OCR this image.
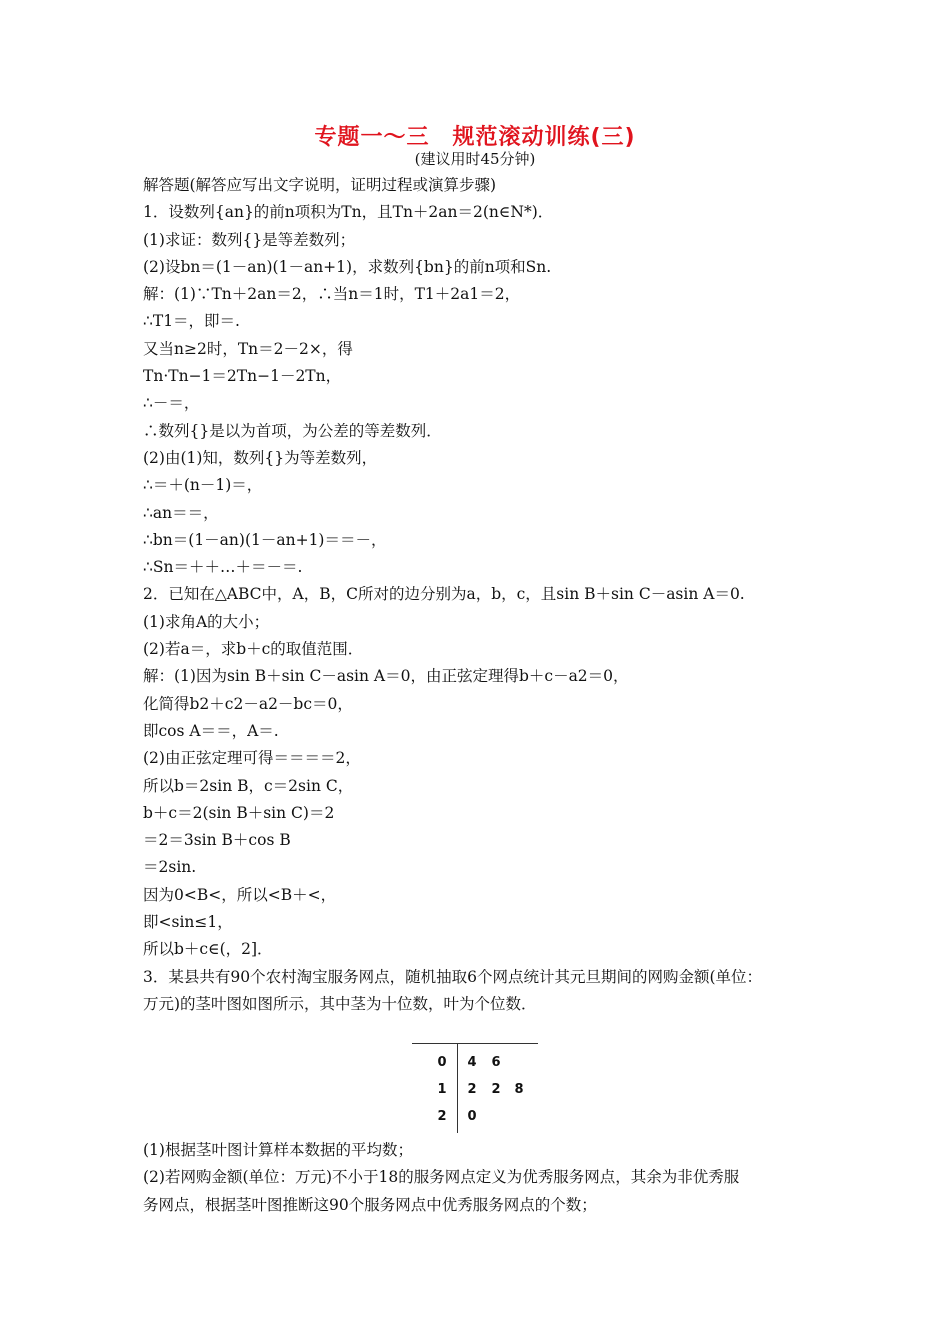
专题一～三　规范滚动训练(三)
(建议用时45分钟)
解答题(解答应写出文字说明，证明过程或演算步骤)
1．设数列{an}的前n项积为Tn，且Tn＋2an＝2(n∈N*)．
(1)求证：数列{}是等差数列；
(2)设bn＝(1－an)(1－an+1)，求数列{bn}的前n项和Sn.
解：(1)∵Tn＋2an＝2，∴当n＝1时，T1＋2a1＝2，
∴T1＝，即＝.
又当n≥2时，Tn＝2－2×，得
Tn·Tn−1＝2Tn−1－2Tn，
∴－＝，
∴数列{}是以为首项，为公差的等差数列．
(2)由(1)知，数列{}为等差数列，
∴＝＋(n－1)＝，
∴an＝＝，
∴bn＝(1－an)(1－an+1)＝＝－，
∴Sn＝＋＋…＋＝－＝.
2．已知在△ABC中，A，B，C所对的边分别为a，b，c，且sin B＋sin C－asin A＝0.
(1)求角A的大小；
(2)若a＝，求b＋c的取值范围．
解：(1)因为sin B＋sin C－asin A＝0，由正弦定理得b＋c－a2＝0，
化简得b2＋c2－a2－bc＝0，
即cos A＝＝，A＝.
(2)由正弦定理可得＝＝＝＝2，
所以b＝2sin B，c＝2sin C，
b＋c＝2(sin B＋sin C)＝2
＝2＝3sin B＋cos B
＝2sin.
因为0<B<，所以<B＋<，
即<sin≤1，
所以b＋c∈(，2]．
3．某县共有90个农村淘宝服务网点，随机抽取6个网点统计其元旦期间的网购金额(单位：
万元)的茎叶图如图所示，其中茎为十位数，叶为个位数．
0 4 6
1 2 2 8
2 0
(1)根据茎叶图计算样本数据的平均数；
(2)若网购金额(单位：万元)不小于18的服务网点定义为优秀服务网点，其余为非优秀服
务网点，根据茎叶图推断这90个服务网点中优秀服务网点的个数；
